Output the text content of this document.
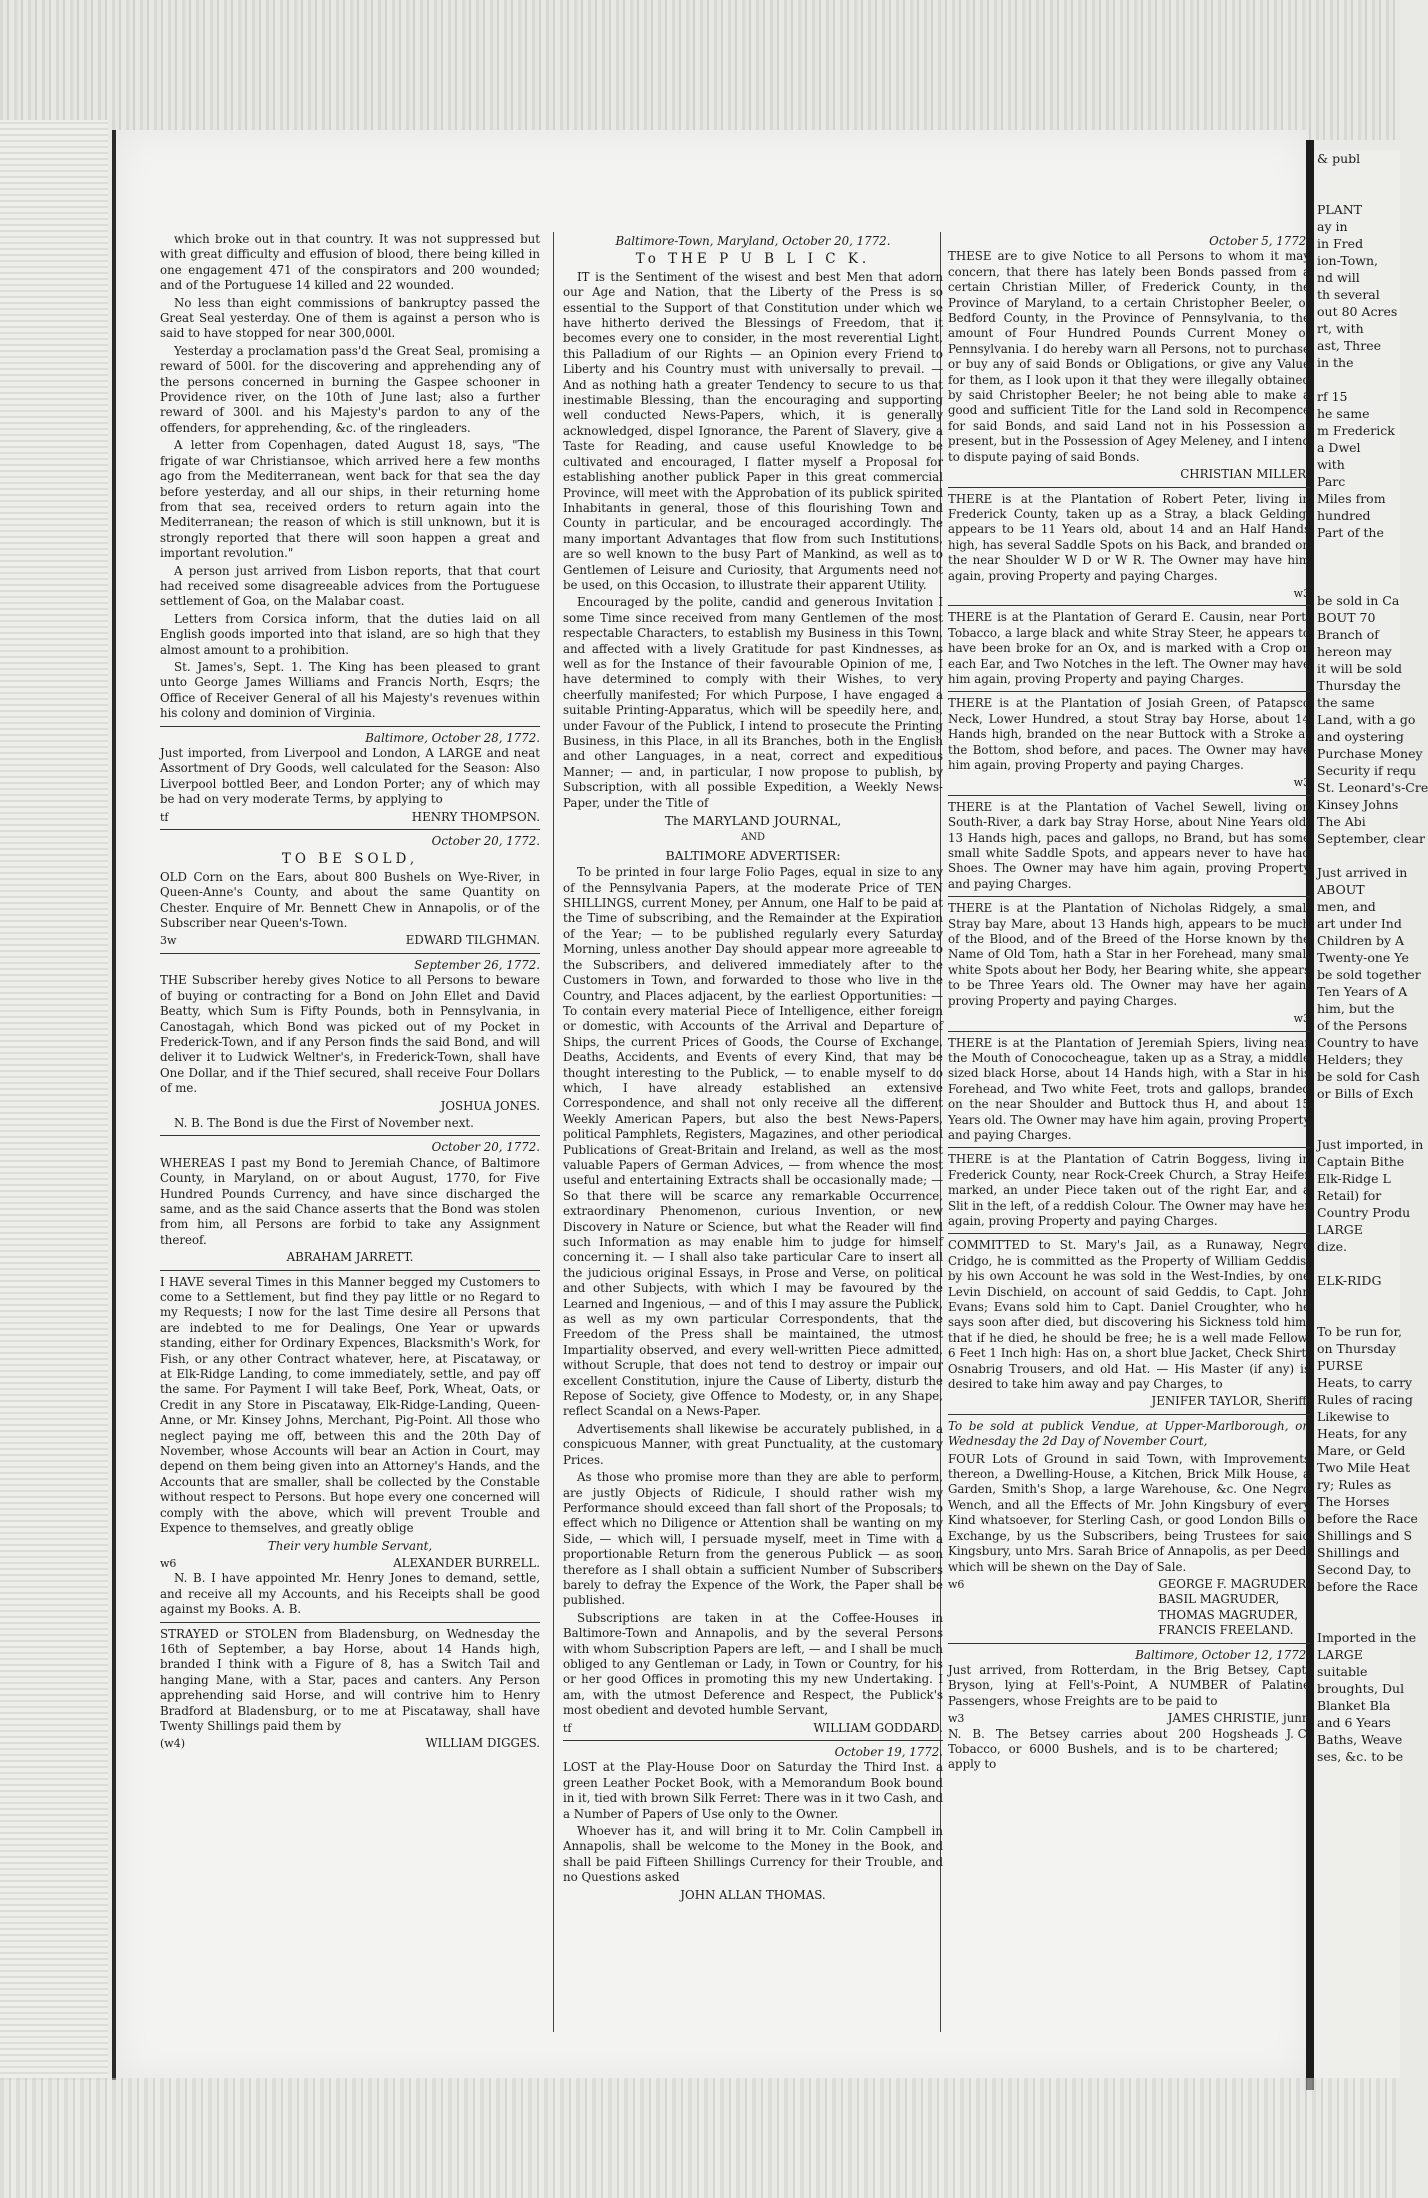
& publ

PLANT
ay in
in Fred
ion-Town,
nd will
th several
out 80 Acres
rt, with
ast, Three
in the

rf 15
he same
m Frederick
a Dwel
with
Parc
Miles from
hundred
Part of the

be sold in Ca
BOUT 70
Branch of
hereon may
it will be sold
Thursday the
the same
Land, with a go
and oystering
Purchase Money
Security if requ
St. Leonard's-Cre
Kinsey Johns
The Abi
September, clear

Just arrived in
ABOUT
men, and
art under Ind
Children by A
Twenty-one Ye
be sold together
Ten Years of A
him, but the
of the Persons
Country to have
Helders; they
be sold for Cash
or Bills of Exch

Just imported, in
Captain Bithe
Elk-Ridge L
Retail) for
Country Produ
LARGE
dize.

ELK-RIDG

To be run for,
on Thursday
PURSE
Heats, to carry
Rules of racing
Likewise to
Heats, for any
Mare, or Geld
Two Mile Heat
ry; Rules as
The Horses
before the Race
Shillings and S
Shillings and
Second Day, to
before the Race

Imported in the
LARGE
suitable
broughts, Dul
Blanket Bla
and 6 Years
Baths, Weave
ses, &c. to be

which broke out in that country. It was not suppressed but with great difficulty and effusion of blood, there being killed in one engagement 471 of the conspirators and 200 wounded; and of the Portuguese 14 killed and 22 wounded.

No less than eight commissions of bankruptcy passed the Great Seal yesterday. One of them is against a person who is said to have stopped for near 300,000l.

Yesterday a proclamation pass'd the Great Seal, promising a reward of 500l. for the discovering and apprehending any of the persons concerned in burning the Gaspee schooner in Providence river, on the 10th of June last; also a further reward of 300l. and his Majesty's pardon to any of the offenders, for apprehending, &c. of the ringleaders.

A letter from Copenhagen, dated August 18, says, "The frigate of war Christiansoe, which arrived here a few months ago from the Mediterranean, went back for that sea the day before yesterday, and all our ships, in their returning home from that sea, received orders to return again into the Mediterranean; the reason of which is still unknown, but it is strongly reported that there will soon happen a great and important revolution."

A person just arrived from Lisbon reports, that that court had received some disagreeable advices from the Portuguese settlement of Goa, on the Malabar coast.

Letters from Corsica inform, that the duties laid on all English goods imported into that island, are so high that they almost amount to a prohibition.

St. James's, Sept. 1. The King has been pleased to grant unto George James Williams and Francis North, Esqrs; the Office of Receiver General of all his Majesty's revenues within his colony and dominion of Virginia.

Baltimore, October 28, 1772.

Just imported, from Liverpool and London, A LARGE and neat Assortment of Dry Goods, well calculated for the Season: Also Liverpool bottled Beer, and London Porter; any of which may be had on very moderate Terms, by applying to

tf	HENRY THOMPSON.

October 20, 1772.

TO BE SOLD,

OLD Corn on the Ears, about 800 Bushels on Wye-River, in Queen-Anne's County, and about the same Quantity on Chester. Enquire of Mr. Bennett Chew in Annapolis, or of the Subscriber near Queen's-Town.

3w	EDWARD TILGHMAN.

September 26, 1772.

THE Subscriber hereby gives Notice to all Persons to beware of buying or contracting for a Bond on John Ellet and David Beatty, which Sum is Fifty Pounds, both in Pennsylvania, in Canostagah, which Bond was picked out of my Pocket in Frederick-Town, and if any Person finds the said Bond, and will deliver it to Ludwick Weltner's, in Frederick-Town, shall have One Dollar, and if the Thief secured, shall receive Four Dollars of me.

JOSHUA JONES.

N. B. The Bond is due the First of November next.

October 20, 1772.

WHEREAS I past my Bond to Jeremiah Chance, of Baltimore County, in Maryland, on or about August, 1770, for Five Hundred Pounds Currency, and have since discharged the same, and as the said Chance asserts that the Bond was stolen from him, all Persons are forbid to take any Assignment thereof.

ABRAHAM JARRETT.

I HAVE several Times in this Manner begged my Customers to come to a Settlement, but find they pay little or no Regard to my Requests; I now for the last Time desire all Persons that are indebted to me for Dealings, One Year or upwards standing, either for Ordinary Expences, Blacksmith's Work, for Fish, or any other Contract whatever, here, at Piscataway, or at Elk-Ridge Landing, to come immediately, settle, and pay off the same. For Payment I will take Beef, Pork, Wheat, Oats, or Credit in any Store in Piscataway, Elk-Ridge-Landing, Queen-Anne, or Mr. Kinsey Johns, Merchant, Pig-Point. All those who neglect paying me off, between this and the 20th Day of November, whose Accounts will bear an Action in Court, may depend on them being given into an Attorney's Hands, and the Accounts that are smaller, shall be collected by the Constable without respect to Persons. But hope every one concerned will comply with the above, which will prevent Trouble and Expence to themselves, and greatly oblige

Their very humble Servant,

w6	ALEXANDER BURRELL.

N. B. I have appointed Mr. Henry Jones to demand, settle, and receive all my Accounts, and his Receipts shall be good against my Books. A. B.

STRAYED or STOLEN from Bladensburg, on Wednesday the 16th of September, a bay Horse, about 14 Hands high, branded I think with a Figure of 8, has a Switch Tail and hanging Mane, with a Star, paces and canters. Any Person apprehending said Horse, and will contrive him to Henry Bradford at Bladensburg, or to me at Piscataway, shall have Twenty Shillings paid them by

(w4)	WILLIAM DIGGES.

Baltimore-Town, Maryland, October 20, 1772.

To THE P U B L I C K.

IT is the Sentiment of the wisest and best Men that adorn our Age and Nation, that the Liberty of the Press is so essential to the Support of that Constitution under which we have hitherto derived the Blessings of Freedom, that it becomes every one to consider, in the most reverential Light, this Palladium of our Rights — an Opinion every Friend to Liberty and his Country must with universally to prevail. — And as nothing hath a greater Tendency to secure to us that inestimable Blessing, than the encouraging and supporting well conducted News-Papers, which, it is generally acknowledged, dispel Ignorance, the Parent of Slavery, give a Taste for Reading, and cause useful Knowledge to be cultivated and encouraged, I flatter myself a Proposal for establishing another publick Paper in this great commercial Province, will meet with the Approbation of its publick spirited Inhabitants in general, those of this flourishing Town and County in particular, and be encouraged accordingly. The many important Advantages that flow from such Institutions, are so well known to the busy Part of Mankind, as well as to Gentlemen of Leisure and Curiosity, that Arguments need not be used, on this Occasion, to illustrate their apparent Utility.

Encouraged by the polite, candid and generous Invitation I some Time since received from many Gentlemen of the most respectable Characters, to establish my Business in this Town, and affected with a lively Gratitude for past Kindnesses, as well as for the Instance of their favourable Opinion of me, I have determined to comply with their Wishes, to very cheerfully manifested; For which Purpose, I have engaged a suitable Printing-Apparatus, which will be speedily here, and, under Favour of the Publick, I intend to prosecute the Printing Business, in this Place, in all its Branches, both in the English and other Languages, in a neat, correct and expeditious Manner; — and, in particular, I now propose to publish, by Subscription, with all possible Expedition, a Weekly News-Paper, under the Title of

The MARYLAND JOURNAL,

AND

BALTIMORE ADVERTISER:

To be printed in four large Folio Pages, equal in size to any of the Pennsylvania Papers, at the moderate Price of TEN SHILLINGS, current Money, per Annum, one Half to be paid at the Time of subscribing, and the Remainder at the Expiration of the Year; — to be published regularly every Saturday Morning, unless another Day should appear more agreeable to the Subscribers, and delivered immediately after to the Customers in Town, and forwarded to those who live in the Country, and Places adjacent, by the earliest Opportunities: — To contain every material Piece of Intelligence, either foreign or domestic, with Accounts of the Arrival and Departure of Ships, the current Prices of Goods, the Course of Exchange, Deaths, Accidents, and Events of every Kind, that may be thought interesting to the Publick, — to enable myself to do which, I have already established an extensive Correspondence, and shall not only receive all the different Weekly American Papers, but also the best News-Papers, political Pamphlets, Registers, Magazines, and other periodical Publications of Great-Britain and Ireland, as well as the most valuable Papers of German Advices, — from whence the most useful and entertaining Extracts shall be occasionally made; — So that there will be scarce any remarkable Occurrence, extraordinary Phenomenon, curious Invention, or new Discovery in Nature or Science, but what the Reader will find such Information as may enable him to judge for himself concerning it. — I shall also take particular Care to insert all the judicious original Essays, in Prose and Verse, on political and other Subjects, with which I may be favoured by the Learned and Ingenious, — and of this I may assure the Publick, as well as my own particular Correspondents, that the Freedom of the Press shall be maintained, the utmost Impartiality observed, and every well-written Piece admitted, without Scruple, that does not tend to destroy or impair our excellent Constitution, injure the Cause of Liberty, disturb the Repose of Society, give Offence to Modesty, or, in any Shape, reflect Scandal on a News-Paper.

Advertisements shall likewise be accurately published, in a conspicuous Manner, with great Punctuality, at the customary Prices.

As those who promise more than they are able to perform, are justly Objects of Ridicule, I should rather wish my Performance should exceed than fall short of the Proposals; to effect which no Diligence or Attention shall be wanting on my Side, — which will, I persuade myself, meet in Time with a proportionable Return from the generous Publick — as soon therefore as I shall obtain a sufficient Number of Subscribers barely to defray the Expence of the Work, the Paper shall be published.

Subscriptions are taken in at the Coffee-Houses in Baltimore-Town and Annapolis, and by the several Persons with whom Subscription Papers are left, — and I shall be much obliged to any Gentleman or Lady, in Town or Country, for his or her good Offices in promoting this my new Undertaking. I am, with the utmost Deference and Respect, the Publick's most obedient and devoted humble Servant,

tf	WILLIAM GODDARD.

October 19, 1772.

LOST at the Play-House Door on Saturday the Third Inst. a green Leather Pocket Book, with a Memorandum Book bound in it, tied with brown Silk Ferret: There was in it two Cash, and a Number of Papers of Use only to the Owner.

Whoever has it, and will bring it to Mr. Colin Campbell in Annapolis, shall be welcome to the Money in the Book, and shall be paid Fifteen Shillings Currency for their Trouble, and no Questions asked

JOHN ALLAN THOMAS.

October 5, 1772.

THESE are to give Notice to all Persons to whom it may concern, that there has lately been Bonds passed from a certain Christian Miller, of Frederick County, in the Province of Maryland, to a certain Christopher Beeler, of Bedford County, in the Province of Pennsylvania, to the amount of Four Hundred Pounds Current Money of Pennsylvania. I do hereby warn all Persons, not to purchase or buy any of said Bonds or Obligations, or give any Value for them, as I look upon it that they were illegally obtained by said Christopher Beeler; he not being able to make a good and sufficient Title for the Land sold in Recompence for said Bonds, and said Land not in his Possession at present, but in the Possession of Agey Meleney, and I intend to dispute paying of said Bonds.

CHRISTIAN MILLER.

THERE is at the Plantation of Robert Peter, living in Frederick County, taken up as a Stray, a black Gelding, appears to be 11 Years old, about 14 and an Half Hands high, has several Saddle Spots on his Back, and branded on the near Shoulder W D or W R. The Owner may have him again, proving Property and paying Charges.

w3

THERE is at the Plantation of Gerard E. Causin, near Port-Tobacco, a large black and white Stray Steer, he appears to have been broke for an Ox, and is marked with a Crop on each Ear, and Two Notches in the left. The Owner may have him again, proving Property and paying Charges.

THERE is at the Plantation of Josiah Green, of Patapsco Neck, Lower Hundred, a stout Stray bay Horse, about 14 Hands high, branded on the near Buttock with a Stroke at the Bottom, shod before, and paces. The Owner may have him again, proving Property and paying Charges.

w3

THERE is at the Plantation of Vachel Sewell, living on South-River, a dark bay Stray Horse, about Nine Years old, 13 Hands high, paces and gallops, no Brand, but has some small white Saddle Spots, and appears never to have had Shoes. The Owner may have him again, proving Property and paying Charges.

THERE is at the Plantation of Nicholas Ridgely, a small Stray bay Mare, about 13 Hands high, appears to be much of the Blood, and of the Breed of the Horse known by the Name of Old Tom, hath a Star in her Forehead, many small white Spots about her Body, her Bearing white, she appears to be Three Years old. The Owner may have her again, proving Property and paying Charges.

w3

THERE is at the Plantation of Jeremiah Spiers, living near the Mouth of Conococheague, taken up as a Stray, a middle sized black Horse, about 14 Hands high, with a Star in his Forehead, and Two white Feet, trots and gallops, branded on the near Shoulder and Buttock thus H, and about 15 Years old. The Owner may have him again, proving Property and paying Charges.

THERE is at the Plantation of Catrin Boggess, living in Frederick County, near Rock-Creek Church, a Stray Heifer marked, an under Piece taken out of the right Ear, and a Slit in the left, of a reddish Colour. The Owner may have her again, proving Property and paying Charges.

COMMITTED to St. Mary's Jail, as a Runaway, Negro Cridgo, he is committed as the Property of William Geddis, by his own Account he was sold in the West-Indies, by one Levin Dischield, on account of said Geddis, to Capt. John Evans; Evans sold him to Capt. Daniel Croughter, who he says soon after died, but discovering his Sickness told him, that if he died, he should be free; he is a well made Fellow, 6 Feet 1 Inch high: Has on, a short blue Jacket, Check Shirt, Osnabrig Trousers, and old Hat. — His Master (if any) is desired to take him away and pay Charges, to

JENIFER TAYLOR, Sheriff.

To be sold at publick Vendue, at Upper-Marlborough, on Wednesday the 2d Day of November Court,

FOUR Lots of Ground in said Town, with Improvements thereon, a Dwelling-House, a Kitchen, Brick Milk House, a Garden, Smith's Shop, a large Warehouse, &c. One Negro Wench, and all the Effects of Mr. John Kingsbury of every Kind whatsoever, for Sterling Cash, or good London Bills of Exchange, by us the Subscribers, being Trustees for said Kingsbury, unto Mrs. Sarah Brice of Annapolis, as per Deed, which will be shewn on the Day of Sale.

w6	GEORGE F. MAGRUDER,
BASIL MAGRUDER,
THOMAS MAGRUDER,
FRANCIS FREELAND.

Baltimore, October 12, 1772.

Just arrived, from Rotterdam, in the Brig Betsey, Capt. Bryson, lying at Fell's-Point, A NUMBER of Palatine Passengers, whose Freights are to be paid to

w3	JAMES CHRISTIE, junr.
N. B. The Betsey carries about 200 Hogsheads Tobacco, or 6000 Bushels, and is to be chartered; apply to
J. C.
